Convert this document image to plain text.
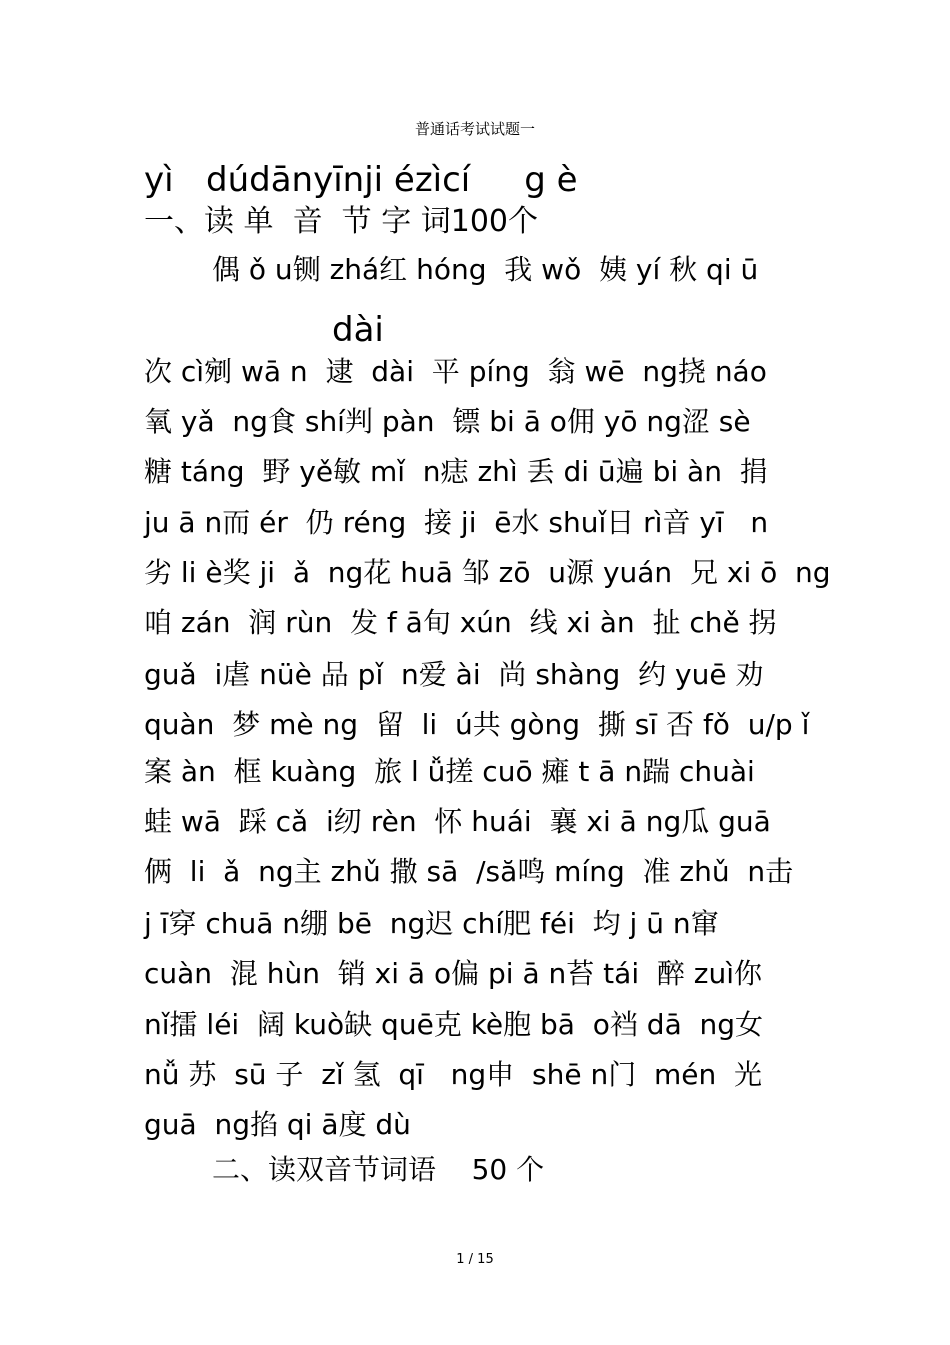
普通话考试试题一
yì   dúdānyīnji ézìcí     g è
一、读 单  音  节 字 词100个
偶 ǒ u铡 zhá红 hóng  我 wǒ  姨 yí 秋 qi ū
dài
次 cì剜 wā n  逮  dài  平 píng  翁 wē  ng挠 náo
氧 yǎ  ng食 shí判 pàn  镖 bi ā o佣 yō ng涩 sè
糖 táng  野 yě敏 mǐ  n痣 zhì 丢 di ū遍 bi àn  捐
ju ā n而 ér  仍 réng  接 ji  ē水 shuǐ日 rì音 yī   n
劣 li è奖 ji  ǎ  ng花 huā 邹 zō  u源 yuán  兄 xi ō  ng
咱 zán  润 rùn  发 f ā旬 xún  线 xi àn  扯 chě 拐
guǎ  i虐 nüè 品 pǐ  n爱 ài  尚 shàng  约 yuē 劝
quàn  梦 mè ng  留  li  ú共 gòng  撕 sī 否 fǒ  u/p ǐ
案 àn  框 kuàng  旅 l ǚ搓 cuō 瘫 t ā n踹 chuài
蛙 wā  踩 cǎ  i纫 rèn  怀 huái  襄 xi ā ng瓜 guā
俩  li  ǎ  ng主 zhǔ 撒 sā  /să鸣 míng  准 zhǔ  n击
j ī穿 chuā n绷 bē  ng迟 chí肥 féi  均 j ū n窜
cuàn  混 hùn  销 xi ā o偏 pi ā n苔 tái  醉 zuì你
nǐ擂 léi  阔 kuò缺 quē克 kè胞 bā  o裆 dā  ng女
nǚ 苏  sū 子  zǐ 氢  qī   ng申  shē n门  mén  光
guā  ng掐 qi ā度 dù
二、读双音节词语    50 个
1 / 15
